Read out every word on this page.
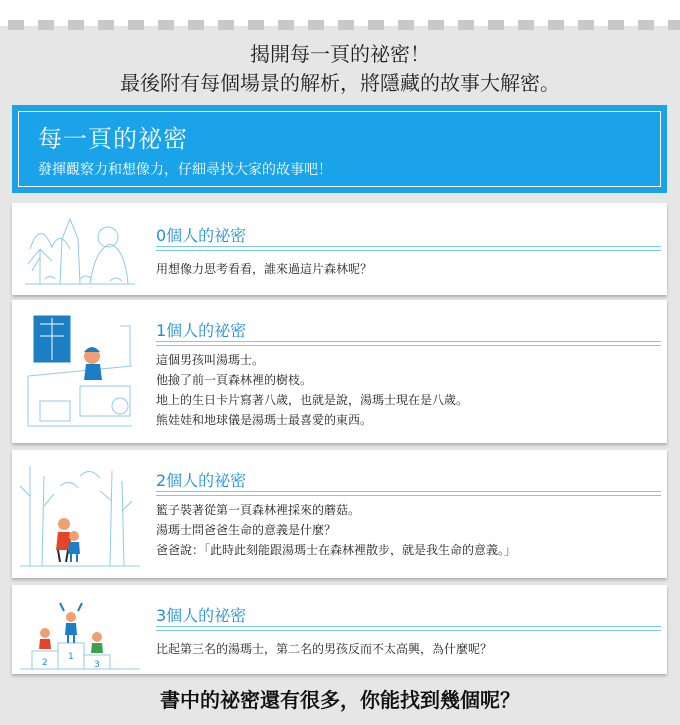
揭開每一頁的祕密！
最後附有每個場景的解析，將隱藏的故事大解密。
每一頁的祕密
發揮觀察力和想像力，仔細尋找大家的故事吧！
0個人的祕密
用想像力思考看看，誰來過這片森林呢？
1個人的祕密
這個男孩叫湯瑪士。
他撿了前一頁森林裡的樹枝。
地上的生日卡片寫著八歲，也就是說，湯瑪士現在是八歲。
熊娃娃和地球儀是湯瑪士最喜愛的東西。
2個人的祕密
籃子裝著從第一頁森林裡採來的蘑菇。
湯瑪士問爸爸生命的意義是什麼？
爸爸說：「此時此刻能跟湯瑪士在森林裡散步，就是我生命的意義。」
1
2	3
3個人的祕密
比起第三名的湯瑪士，第二名的男孩反而不太高興，為什麼呢？
書中的祕密還有很多，你能找到幾個呢？
